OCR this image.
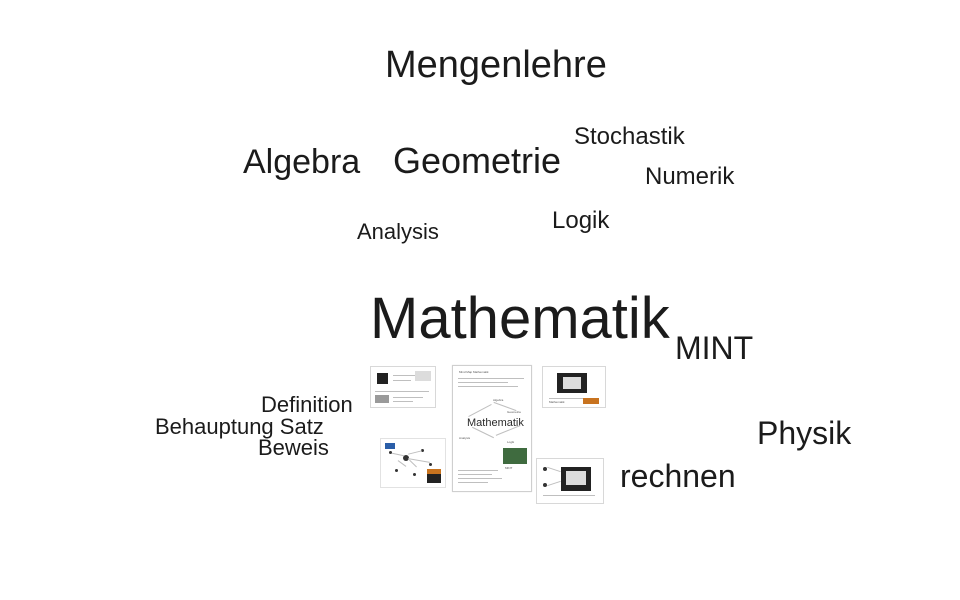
Mengenlehre
Stochastik
Algebra Geometrie	Numerik
Logik
Analysis
Mathematik MINT
Definition
Behauptung Satz	Physik
Beweis
rechnen
Mind Map Mathematik
Mathematik
Algebra
Geometrie
Analysis
Logik
MINT
Mathematik
